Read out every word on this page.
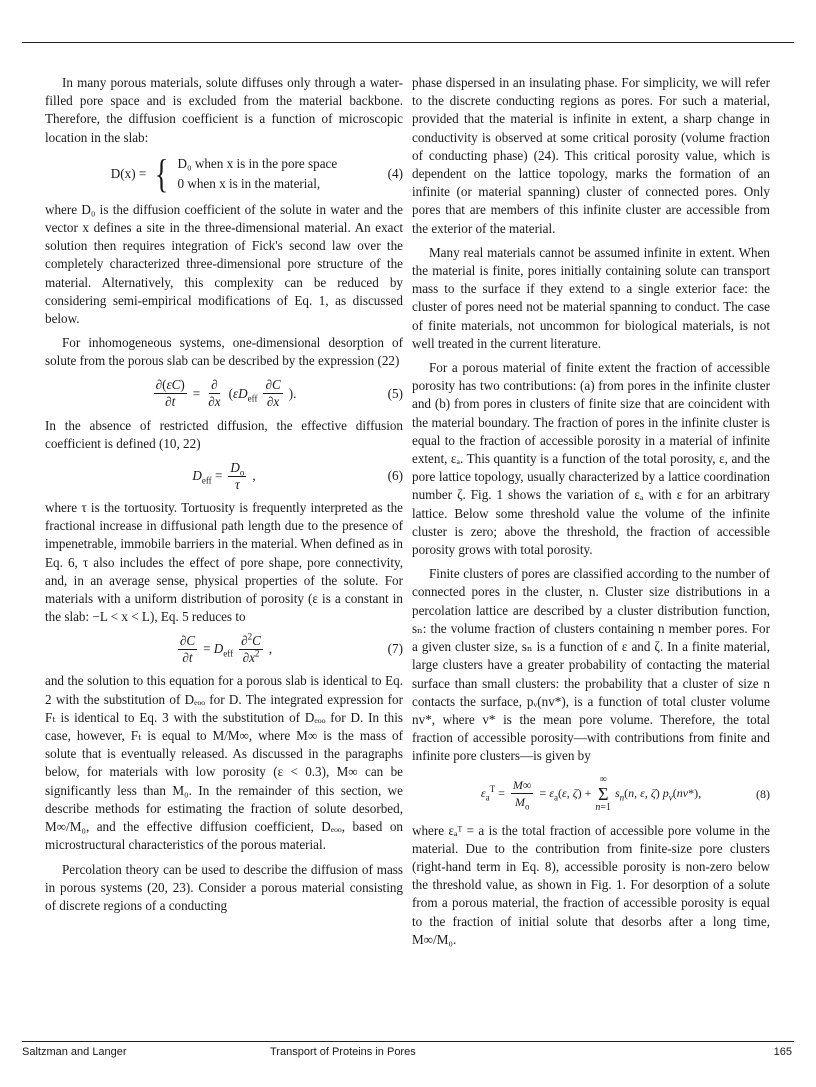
In many porous materials, solute diffuses only through a water-filled pore space and is excluded from the material backbone. Therefore, the diffusion coefficient is a function of microscopic location in the slab:

D(x) = { D₀ when x is in the pore space
0 when x is in the material,
(4)

where D₀ is the diffusion coefficient of the solute in water and the vector x defines a site in the three-dimensional material. An exact solution then requires integration of Fick's second law over the completely characterized three-dimensional pore structure of the material. Alternatively, this complexity can be reduced by considering semi-empirical modifications of Eq. 1, as discussed below.

For inhomogeneous systems, one-dimensional desorption of solute from the porous slab can be described by the expression (22)

$\frac{\partial(\varepsilon C)}{\partial t} = \frac{\partial}{\partial x} (\varepsilon D_{eff} \frac{\partial C}{\partial x}$ ).	(5)

In the absence of restricted diffusion, the effective diffusion coefficient is defined (10, 22)

$D_{eff} = \frac{D_o}{\tau}$ ,	(6)

where τ is the tortuosity. Tortuosity is frequently interpreted as the fractional increase in diffusional path length due to the presence of impenetrable, immobile barriers in the material. When defined as in Eq. 6, τ also includes the effect of pore shape, pore connectivity, and, in an average sense, physical properties of the solute. For materials with a uniform distribution of porosity (ε is a constant in the slab: −L < x < L), Eq. 5 reduces to

$\frac{\partial C}{\partial t} = D_{eff} \frac{\partial^2C}{\partial x^2}$ ,	(7)

and the solution to this equation for a porous slab is identical to Eq. 2 with the substitution of Dₑₒₒ for D. The integrated expression for Fₜ is identical to Eq. 3 with the substitution of Dₑₒₒ for D. In this case, however, Fₜ is equal to M/M∞, where M∞ is the mass of solute that is eventually released. As discussed in the paragraphs below, for materials with low porosity (ε < 0.3), M∞ can be significantly less than M₀. In the remainder of this section, we describe methods for estimating the fraction of solute desorbed, M∞/M₀, and the effective diffusion coefficient, Dₑₒₒ, based on microstructural characteristics of the porous material.

Percolation theory can be used to describe the diffusion of mass in porous systems (20, 23). Consider a porous material consisting of discrete regions of a conducting

phase dispersed in an insulating phase. For simplicity, we will refer to the discrete conducting regions as pores. For such a material, provided that the material is infinite in extent, a sharp change in conductivity is observed at some critical porosity (volume fraction of conducting phase) (24). This critical porosity value, which is dependent on the lattice topology, marks the formation of an infinite (or material spanning) cluster of connected pores. Only pores that are members of this infinite cluster are accessible from the exterior of the material.

Many real materials cannot be assumed infinite in extent. When the material is finite, pores initially containing solute can transport mass to the surface if they extend to a single exterior face: the cluster of pores need not be material spanning to conduct. The case of finite materials, not uncommon for biological materials, is not well treated in the current literature.

For a porous material of finite extent the fraction of accessible porosity has two contributions: (a) from pores in the infinite cluster and (b) from pores in clusters of finite size that are coincident with the material boundary. The fraction of pores in the infinite cluster is equal to the fraction of accessible porosity in a material of infinite extent, εₐ. This quantity is a function of the total porosity, ε, and the pore lattice topology, usually characterized by a lattice coordination number ζ. Fig. 1 shows the variation of εₐ with ε for an arbitrary lattice. Below some threshold value the volume of the infinite cluster is zero; above the threshold, the fraction of accessible porosity grows with total porosity.

Finite clusters of pores are classified according to the number of connected pores in the cluster, n. Cluster size distributions in a percolation lattice are described by a cluster distribution function, sₙ: the volume fraction of clusters containing n member pores. For a given cluster size, sₙ is a function of ε and ζ. In a finite material, large clusters have a greater probability of contacting the material surface than small clusters: the probability that a cluster of size n contacts the surface, pᵥ(nv*), is a function of total cluster volume nv*, where v* is the mean pore volume. Therefore, the total fraction of accessible porosity—with contributions from finite and infinite pore clusters—is given by

$\varepsilon_a^T = \frac{M\infty}{M_o} = \varepsilon_a(\varepsilon$, ζ) +
∞
Σ
n=1
$s_n(n$, ε, ζ) $p_v(nv*)$,	(8)

where εₐᵀ = a is the total fraction of accessible pore volume in the material. Due to the contribution from finite-size pore clusters (right-hand term in Eq. 8), accessible porosity is non-zero below the threshold value, as shown in Fig. 1. For desorption of a solute from a porous material, the fraction of accessible porosity is equal to the fraction of initial solute that desorbs after a long time, M∞/M₀.

Saltzman and Langer	Transport of Proteins in Pores	165
